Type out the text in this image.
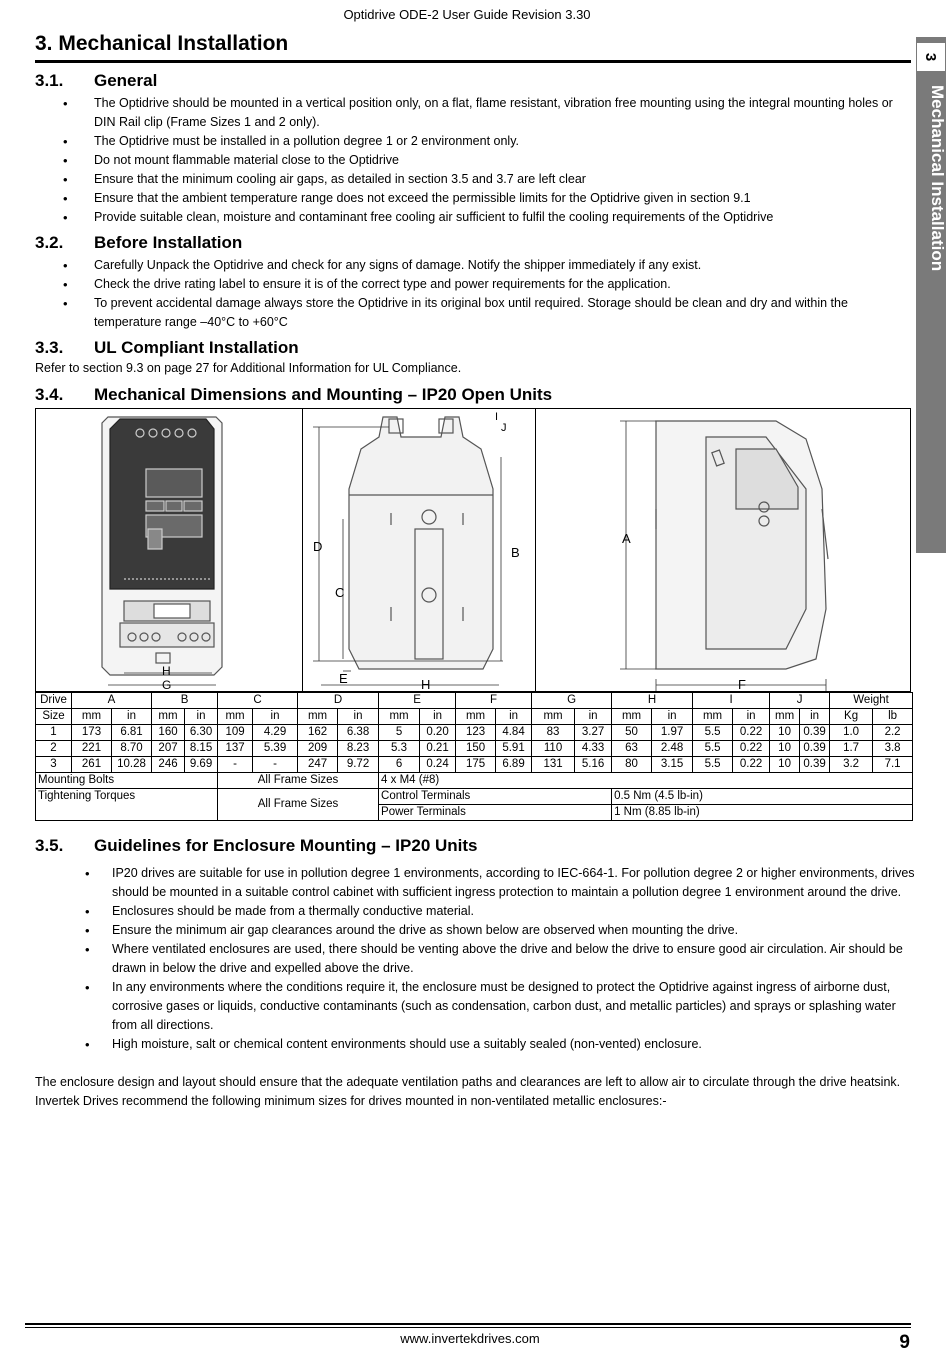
Optidrive ODE-2 User Guide Revision 3.30
3. Mechanical Installation
3
Mechanical Installation
3.1. General
• The Optidrive should be mounted in a vertical position only, on a flat, flame resistant, vibration free mounting using the integral mounting holes or DIN Rail clip (Frame Sizes 1 and 2 only).
• The Optidrive must be installed in a pollution degree 1 or 2 environment only.
• Do not mount flammable material close to the Optidrive
• Ensure that the minimum cooling air gaps, as detailed in section 3.5 and 3.7 are left clear
• Ensure that the ambient temperature range does not exceed the permissible limits for the Optidrive given in section 9.1
• Provide suitable clean, moisture and contaminant free cooling air sufficient to fulfil the cooling requirements of the Optidrive
3.2. Before Installation
• Carefully Unpack the Optidrive and check for any signs of damage. Notify the shipper immediately if any exist.
• Check the drive rating label to ensure it is of the correct type and power requirements for the application.
• To prevent accidental damage always store the Optidrive in its original box until required. Storage should be clean and dry and within the temperature range –40°C to +60°C
3.3. UL Compliant Installation
Refer to section 9.3 on page 27 for Additional Information for UL Compliance.
3.4. Mechanical Dimensions and Mounting – IP20 Open Units
H
G
I
J
D
C
B
E	H
A
F
Drive	A		B		C		D		E		F		G		H		I		J		Weight	
Size	mm	in	mm	in	mm	in	mm	in	mm	in	mm	in	mm	in	mm	in	mm	in	mm	in	Kg	lb
1	173	6.81	160	6.30	109	4.29	162	6.38	5	0.20	123	4.84	83	3.27	50	1.97	5.5	0.22	10	0.39	1.0	2.2
2	221	8.70	207	8.15	137	5.39	209	8.23	5.3	0.21	150	5.91	110	4.33	63	2.48	5.5	0.22	10	0.39	1.7	3.8
3	261	10.28	246	9.69	-	-	247	9.72	6	0.24	175	6.89	131	5.16	80	3.15	5.5	0.22	10	0.39	3.2	7.1
Mounting Bolts					All Frame Sizes				4 x M4 (#8)													
Tightening Torques					All Frame Sizes				Control Terminals						0.5 Nm (4.5 lb-in)							
									Power Terminals						1 Nm (8.85 lb-in)							
3.5. Guidelines for Enclosure Mounting – IP20 Units
• IP20 drives are suitable for use in pollution degree 1 environments, according to IEC-664-1. For pollution degree 2 or higher environments, drives should be mounted in a suitable control cabinet with sufficient ingress protection to maintain a pollution degree 1 environment around the drive.
• Enclosures should be made from a thermally conductive material.
• Ensure the minimum air gap clearances around the drive as shown below are observed when mounting the drive.
• Where ventilated enclosures are used, there should be venting above the drive and below the drive to ensure good air circulation. Air should be drawn in below the drive and expelled above the drive.
• In any environments where the conditions require it, the enclosure must be designed to protect the Optidrive against ingress of airborne dust, corrosive gases or liquids, conductive contaminants (such as condensation, carbon dust, and metallic particles) and sprays or splashing water from all directions.
• High moisture, salt or chemical content environments should use a suitably sealed (non-vented) enclosure.
The enclosure design and layout should ensure that the adequate ventilation paths and clearances are left to allow air to circulate through the drive heatsink. Invertek Drives recommend the following minimum sizes for drives mounted in non-ventilated metallic enclosures:-
www.invertekdrives.com	9
